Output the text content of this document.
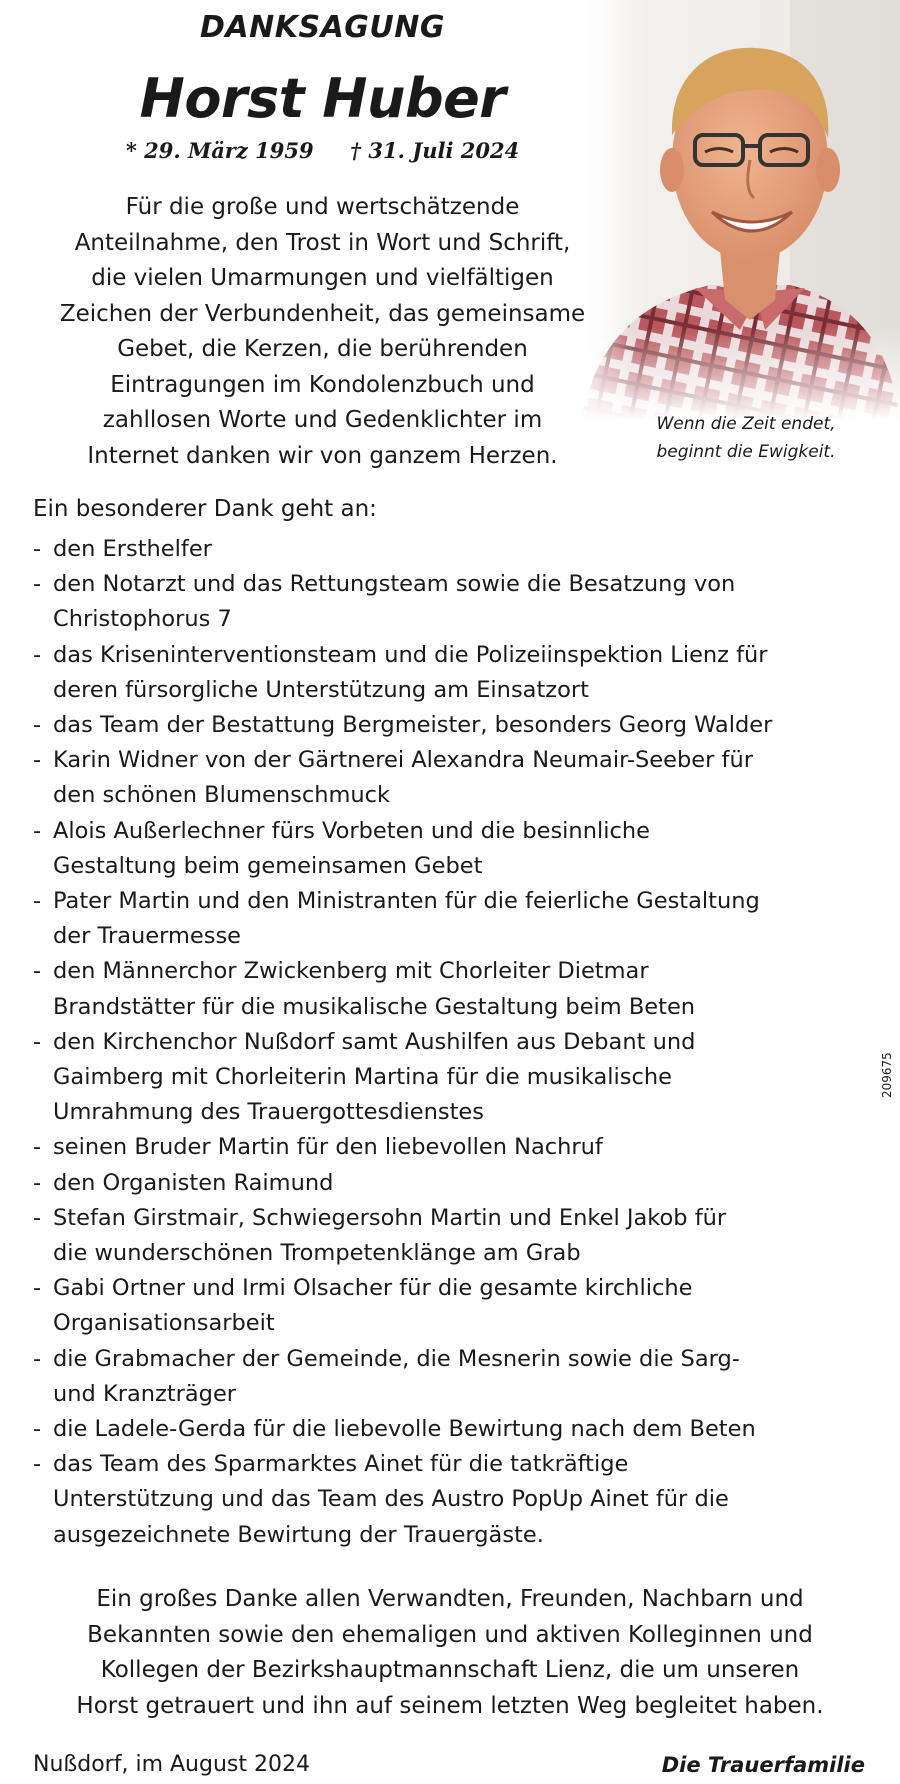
DANKSAGUNG
Horst Huber
* 29. März 1959 † 31. Juli 2024
Für die große und wertschätzende
Anteilnahme, den Trost in Wort und Schrift,
die vielen Umarmungen und vielfältigen
Zeichen der Verbundenheit, das gemeinsame
Gebet, die Kerzen, die berührenden
Eintragungen im Kondolenzbuch und
zahllosen Worte und Gedenklichter im
Internet danken wir von ganzem Herzen.
Wenn die Zeit endet,
beginnt die Ewigkeit.
Ein besonderer Dank geht an:
- den Ersthelfer
- den Notarzt und das Rettungsteam sowie die Besatzung von
Christophorus 7
- das Kriseninterventionsteam und die Polizeiinspektion Lienz für
deren fürsorgliche Unterstützung am Einsatzort
- das Team der Bestattung Bergmeister, besonders Georg Walder
- Karin Widner von der Gärtnerei Alexandra Neumair-Seeber für
den schönen Blumenschmuck
- Alois Außerlechner fürs Vorbeten und die besinnliche
Gestaltung beim gemeinsamen Gebet
- Pater Martin und den Ministranten für die feierliche Gestaltung
der Trauermesse
- den Männerchor Zwickenberg mit Chorleiter Dietmar
Brandstätter für die musikalische Gestaltung beim Beten
- den Kirchenchor Nußdorf samt Aushilfen aus Debant und
Gaimberg mit Chorleiterin Martina für die musikalische
Umrahmung des Trauergottesdienstes
- seinen Bruder Martin für den liebevollen Nachruf
- den Organisten Raimund
- Stefan Girstmair, Schwiegersohn Martin und Enkel Jakob für
die wunderschönen Trompetenklänge am Grab
- Gabi Ortner und Irmi Olsacher für die gesamte kirchliche
Organisationsarbeit
- die Grabmacher der Gemeinde, die Mesnerin sowie die Sarg-
und Kranzträger
- die Ladele-Gerda für die liebevolle Bewirtung nach dem Beten
- das Team des Sparmarktes Ainet für die tatkräftige
Unterstützung und das Team des Austro PopUp Ainet für die
ausgezeichnete Bewirtung der Trauergäste.
Ein großes Danke allen Verwandten, Freunden, Nachbarn und
Bekannten sowie den ehemaligen und aktiven Kolleginnen und
Kollegen der Bezirkshauptmannschaft Lienz, die um unseren
Horst getrauert und ihn auf seinem letzten Weg begleitet haben.
Nußdorf, im August 2024	Die Trauerfamilie
209675
